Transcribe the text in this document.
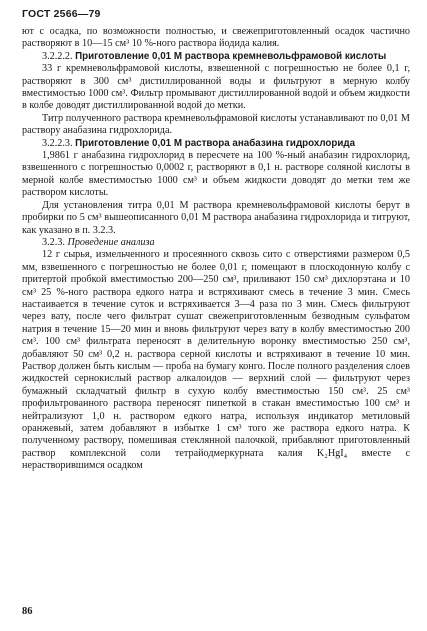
ГОСТ 2566—79

ют с осадка, по возможности полностью, и свежеприготовленный осадок частично растворяют в 10—15 см³ 10 %-ного раствора йодида калия.

3.2.2.2. Приготовление 0,01 М раствора кремневольфрамовой кислоты

33 г кремневольфрамовой кислоты, взвешенной с погрешностью не более 0,1 г, растворяют в 300 см³ дистиллированной воды и фильтруют в мерную колбу вместимостью 1000 см³. Фильтр промывают дистиллированной водой и объем жидкости в колбе доводят дистиллированной водой до метки.

Титр полученного раствора кремневольфрамовой кислоты устанавливают по 0,01 М раствору анабазина гидрохлорида.

3.2.2.3. Приготовление 0,01 М раствора анабазина гидрохлорида

1,9861 г анабазина гидрохлорид в пересчете на 100 %-ный анабазин гидрохлорид, взвешенного с погрешностью 0,0002 г, растворяют в 0,1 н. растворе соляной кислоты в мерной колбе вместимостью 1000 см³ и объем жидкости доводят до метки тем же раствором кислоты.

Для установления титра 0,01 М раствора кремневольфрамовой кислоты берут в пробирки по 5 см³ вышеописанного 0,01 М раствора анабазина гидрохлорида и титруют, как указано в п. 3.2.3.

3.2.3. Проведение анализа

12 г сырья, измельченного и просеянного сквозь сито с отверстиями размером 0,5 мм, взвешенного с погрешностью не более 0,01 г, помещают в плоскодонную колбу с притертой пробкой вместимостью 200—250 см³, приливают 150 см³ дихлорэтана и 10 см³ 25 %-ного раствора едкого натра и встряхивают смесь в течение 3 мин. Смесь настаивается в течение суток и встряхивается 3—4 раза по 3 мин. Смесь фильтруют через вату, после чего фильтрат сушат свежеприготовленным безводным сульфатом натрия в течение 15—20 мин и вновь фильтруют через вату в колбу вместимостью 200 см³. 100 см³ фильтрата переносят в делительную воронку вместимостью 250 см³, добавляют 50 см³ 0,2 н. раствора серной кислоты и встряхивают в течение 10 мин. Раствор должен быть кислым — проба на бумагу конго. После полного разделения слоев жидкостей сернокислый раствор алкалоидов — верхний слой — фильтруют через бумажный складчатый фильтр в сухую колбу вместимостью 150 см³. 25 см³ профильтрованного раствора переносят пипеткой в стакан вместимостью 100 см³ и нейтрализуют 1,0 н. раствором едкого натра, используя индикатор метиловый оранжевый, затем добавляют в избытке 1 см³ того же раствора едкого натра. К полученному раствору, помешивая стеклянной палочкой, прибавляют приготовленный раствор комплексной соли тетрайодмеркурната калия K₂HgI₄ вместе с нерастворившимся осадком

86
